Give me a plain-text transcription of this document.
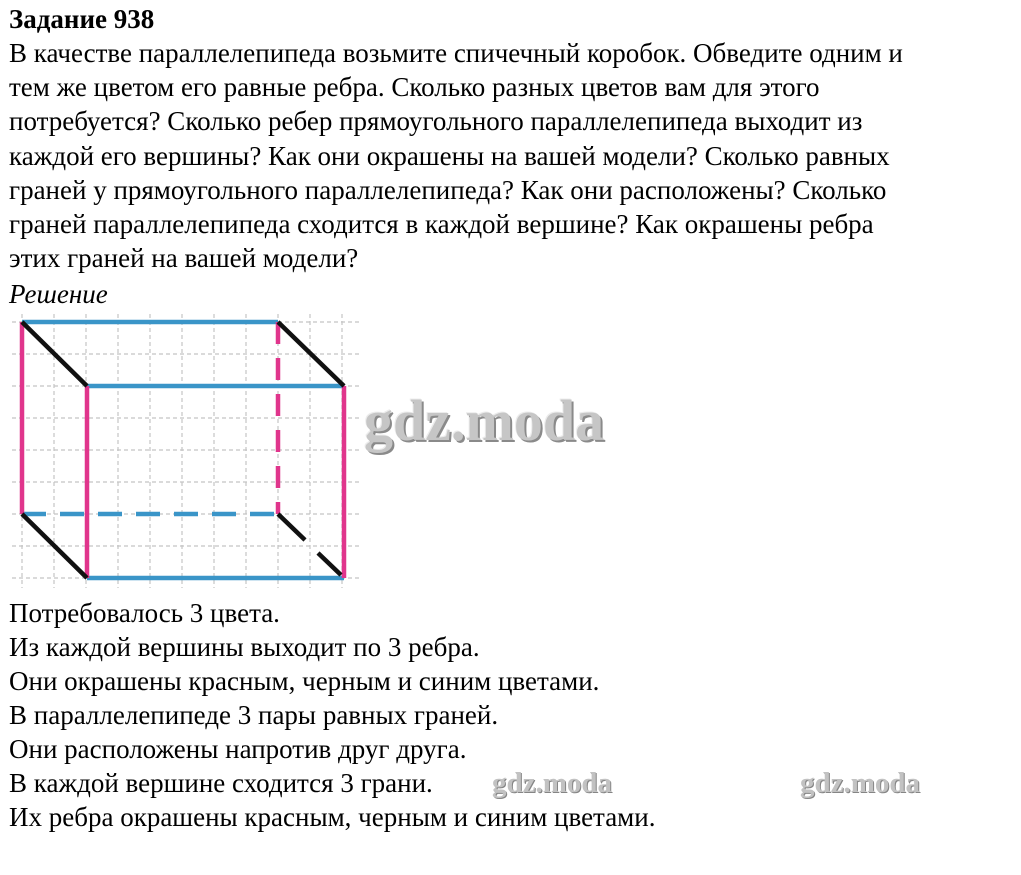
Задание 938
В качестве параллелепипеда возьмите спичечный коробок. Обведите одним и
тем же цветом его равные ребра. Сколько разных цветов вам для этого
потребуется? Сколько ребер прямоугольного параллелепипеда выходит из
каждой его вершины? Как они окрашены на вашей модели? Сколько равных
граней у прямоугольного параллелепипеда? Как они расположены? Сколько
граней параллелепипеда сходится в каждой вершине? Как окрашены ребра
этих граней на вашей модели?
Решение
gdz.moda
Потребовалось 3 цвета.
Из каждой вершины выходит по 3 ребра.
Они окрашены красным, черным и синим цветами.
В параллелепипеде 3 пары равных граней.
Они расположены напротив друг друга.
В каждой вершине сходится 3 грани.
Их ребра окрашены красным, черным и синим цветами.
gdz.moda	gdz.moda
